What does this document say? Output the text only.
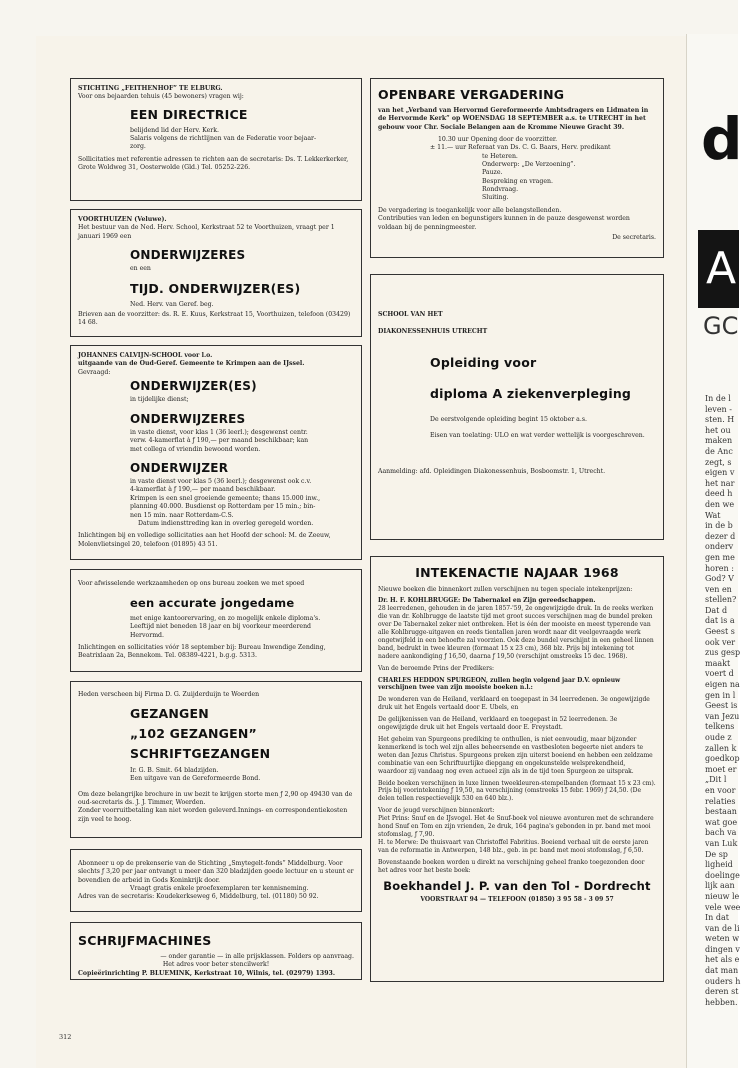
STICHTING „FEITHENHOF” TE ELBURG.
Voor ons bejaarden tehuis (45 bewoners) vragen wij:
EEN DIRECTRICE
belijdend lid der Herv. Kerk.
Salaris volgens de richtlijnen van de Federatie voor bejaar-
zorg.
Sollicitaties met referentie adressen te richten aan de secretaris: Ds. T. Lekkerkerker, Grote Woldweg 31, Oosterwolde (Gld.) Tel. 05252-226.
VOORTHUIZEN (Veluwe).
Het bestuur van de Ned. Herv. School, Kerkstraat 52 te Voorthuizen, vraagt per 1 januari 1969 een
ONDERWIJZERES
en een
TIJD. ONDERWIJZER(ES)
Ned. Herv. van Geref. beg.
Brieven aan de voorzitter: ds. R. E. Kuus, Kerkstraat 15, Voorthuizen, telefoon (03429) 14 68.
JOHANNES CALVIJN-SCHOOL voor l.o.
uitgaande van de Oud-Geref. Gemeente te Krimpen aan de IJssel.
Gevraagd:
ONDERWIJZER(ES)
in tijdelijke dienst;
ONDERWIJZERES
in vaste dienst, voor klas 1 (36 leerl.); desgewenst centr.
verw. 4-kamerflat à ƒ 190,— per maand beschikbaar; kan
met collega of vriendin bewoond worden.
ONDERWIJZER
in vaste dienst voor klas 5 (36 leerl.); desgewenst ook c.v.
4-kamerflat à ƒ 190,— per maand beschikbaar.
Krimpen is een snel groeiende gemeente; thans 15.000 inw.,
planning 40.000. Busdienst op Rotterdam per 15 min.; bin-
nen 15 min. naar Rotterdam-C.S.
Datum indiensttreding kan in overleg geregeld worden.
Inlichtingen bij en volledige sollicitaties aan het Hoofd der school: M. de Zeeuw, Molenvlietsingel 20, telefoon (01895) 43 51.
Voor afwisselende werkzaamheden op ons bureau zoeken we met spoed
een accurate jongedame
met enige kantoorervaring, en zo mogelijk enkele diploma's.
Leeftijd niet beneden 18 jaar en bij voorkeur meerderend
Hervormd.
Inlichtingen en sollicitaties vóór 18 september bij: Bureau Inwendige Zending, Beatrixlaan 2a, Bennekom. Tel. 08389-4221, b.g.g. 5313.
Heden verscheen bij Firma D. G. Zuijderduijn te Woerden
GEZANGEN
„102 GEZANGEN”
SCHRIFTGEZANGEN
Ir. G. B. Smit. 64 bladzijden.
Een uitgave van de Gereformeerde Bond.
Om deze belangrijke brochure in uw bezit te krijgen storte men ƒ 2,90 op 49430 van de oud-secretaris ds. J. J. Timmer, Woerden.
Zonder voorruitbetaling kan niet worden geleverd.Innings- en correspondentiekosten zijn veel te hoog.
Abonneer u op de prekenserie van de Stichting „Smytegelt-fonds” Middelburg. Voor slechts ƒ 3,20 per jaar ontvangt u meer dan 320 bladzijden goede lectuur en u steunt er bovendien de arbeid in Gods Koninkrijk door.
Vraagt gratis enkele proefexemplaren ter kennisneming.
Adres van de secretaris: Koudekerkseweg 6, Middelburg, tel. (01180) 50 92.
SCHRIJFMACHINES
— onder garantie — in alle prijsklassen. Folders op aanvraag.
Het adres voor beter stencilwerk!
Copieërinrichting P. BLUEMINK, Kerkstraat 10, Wilnis, tel. (02979) 1393.
OPENBARE VERGADERING
van het „Verband van Hervormd Gereformeerde Ambtsdragers en Lidmaten in de Hervormde Kerk” op WOENSDAG 18 SEPTEMBER a.s. te UTRECHT in het gebouw voor Chr. Sociale Belangen aan de Kromme Nieuwe Gracht 39.
10.30 uur Opening door de voorzitter.
± 11.— uur Referaat van Ds. C. G. Baars, Herv. predikant
te Heteren.
Onderwerp: „De Verzoening”.
Pauze.
Bespreking en vragen.
Rondvraag.
Sluiting.
De vergadering is toegankelijk voor alle belangstellenden.
Contributies van leden en begunstigers kunnen in de pauze desgewenst worden voldaan bij de penningmeester.
De secretaris.
SCHOOL VAN HET
DIAKONESSENHUIS UTRECHT
Opleiding voor
diploma A ziekenverpleging
De eerstvolgende opleiding begint 15 oktober a.s.
Eisen van toelating: ULO en wat verder wettelijk is voorgeschreven.
Aanmelding: afd. Opleidingen Diakonessenhuis, Bosboomstr. 1, Utrecht.
INTEKENACTIE NAJAAR 1968
Nieuwe boeken die binnenkort zullen verschijnen nu tegen speciale intekenprijzen:
Dr. H. F. KOHLBRUGGE: De Tabernakel en Zijn gereedschappen.
28 leerredenen, gehouden in de jaren 1857-'59, 2e ongewijzigde druk. In de reeks werken die van dr. Kohlbrugge de laatste tijd met groot succes verschijnen mag de bundel preken over De Tabernakel zeker niet ontbreken. Het is één der mooiste en meest typerende van alle Kohlbrugge-uitgaven en reeds tientallen jaren wordt naar dit veelgevraagde werk ongetwijfeld in een behoefte zal voorzien. Ook deze bundel verschijnt in een geheel linnen band, bedrukt in twee kleuren (formaat 15 x 23 cm), 368 blz. Prijs bij intekening tot nadere aankondiging ƒ 16,50, daarna ƒ 19,50 (verschijnt omstreeks 15 dec. 1968).
Van de beroemde Prins der Predikers:
CHARLES HEDDON SPURGEON, zullen begin volgend jaar D.V. opnieuw verschijnen twee van zijn mooiste boeken n.l.:
De wonderen van de Heiland, verklaard en toegepast in 34 leerredenen. 3e ongewijzigde druk uit het Engels vertaald door E. Ubels, en
De gelijkenissen van de Heiland, verklaard en toegepast in 52 leerredenen. 3e ongewijzigde druk uit het Engels vertaald door E. Freystadt.
Het geheim van Spurgeons prediking te onthullen, is niet eenvoudig, maar bijzonder kenmerkend is toch wel zijn alles beheersende en vastbesloten begeerte niet anders te weten dan Jezus Christus. Spurgeons preken zijn uiterst boeiend en hebben een zeldzame combinatie van een Schriftuurlijke diepgang en ongekunstelde welsprekendheid, waardoor zij vandaag nog even actueel zijn als in de tijd toen Spurgeon ze uitsprak.
Beide boeken verschijnen in luxe linnen tweekleuren-stempelbanden (formaat 15 x 23 cm). Prijs bij voorintekening ƒ 19,50, na verschijning (omstreeks 15 febr. 1969) ƒ 24,50. (De delen tellen respectievelijk 530 en 640 blz.).
Voor de jeugd verschijnen binnenkort:
Piet Prins: Snuf en de IJsvogel. Het 4e Snuf-boek vol nieuwe avonturen met de schrandere hond Snuf en Tom en zijn vrienden, 2e druk, 164 pagina's gebonden in pr. band met mooi stofomslag, ƒ 7,90.
H. te Merwe: De thuisvaart van Christoffel Fabritius. Boeiend verhaal uit de eerste jaren van de reformatie in Antwerpen, 148 blz., geb. in pr. band met mooi stofomslag, ƒ 6,50.
Bovenstaande boeken worden u direkt na verschijning geheel franko toegezonden door het adres voor het beste boek:
Boekhandel J. P. van den Tol - Dordrecht
VOORSTRAAT 94 — TELEFOON (01850) 3 95 58 - 3 09 57
312
d
A
GC
In de l
leven -
sten. H
het ou
maken
de Anc
zegt, s
eigen v
het nar
deed h
den we
Wat
in de b
dezer d
onderv
gen me
horen :
God? V
ven en
stellen?
Dat d
dat is a
Geest s
ook ver
zus gesp
maakt
voert d
eigen na
gen in l
Geest is
van Jezu
telkens
oude z
zallen k
goedkop
moet er
„Dit l
en voor
relaties
bestaan
wat goe
bach va
van Luk
De sp
ligheid
doelinge
lijk aan
nieuw le
vele wee
In dat
van de li
weten w
dingen v
het als e
dat man
ouders h
deren st
hebben.
